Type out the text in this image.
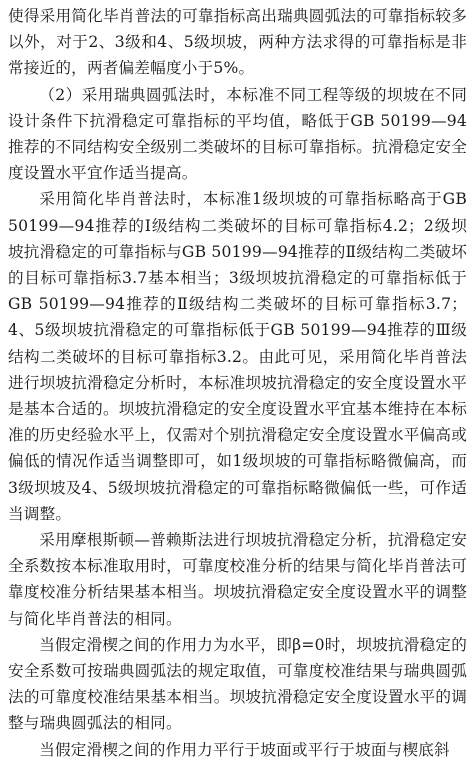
使得采用简化毕肖普法的可靠指标高出瑞典圆弧法的可靠指标较多以外，对于2、3级和4、5级坝坡，两种方法求得的可靠指标是非常接近的，两者偏差幅度小于5%。

（2）采用瑞典圆弧法时，本标准不同工程等级的坝坡在不同设计条件下抗滑稳定可靠指标的平均值，略低于GB 50199—94推荐的不同结构安全级别二类破坏的目标可靠指标。抗滑稳定安全度设置水平宜作适当提高。

采用简化毕肖普法时，本标准1级坝坡的可靠指标略高于GB 50199—94推荐的Ⅰ级结构二类破坏的目标可靠指标4.2；2级坝坡抗滑稳定的可靠指标与GB 50199—94推荐的Ⅱ级结构二类破坏的目标可靠指标3.7基本相当；3级坝坡抗滑稳定的可靠指标低于GB 50199—94推荐的Ⅱ级结构二类破坏的目标可靠指标3.7；4、5级坝坡抗滑稳定的可靠指标低于GB 50199—94推荐的Ⅲ级结构二类破坏的目标可靠指标3.2。由此可见，采用简化毕肖普法进行坝坡抗滑稳定分析时，本标准坝坡抗滑稳定的安全度设置水平是基本合适的。坝坡抗滑稳定的安全度设置水平宜基本维持在本标准的历史经验水平上，仅需对个别抗滑稳定安全度设置水平偏高或偏低的情况作适当调整即可，如1级坝坡的可靠指标略微偏高，而3级坝坡及4、5级坝坡抗滑稳定的可靠指标略微偏低一些，可作适当调整。

采用摩根斯顿—普赖斯法进行坝坡抗滑稳定分析，抗滑稳定安全系数按本标准取用时，可靠度校准分析的结果与简化毕肖普法可靠度校准分析结果基本相当。坝坡抗滑稳定安全度设置水平的调整与简化毕肖普法的相同。

当假定滑楔之间的作用力为水平，即β=0时，坝坡抗滑稳定的安全系数可按瑞典圆弧法的规定取值，可靠度校准结果与瑞典圆弧法的可靠度校准结果基本相当。坝坡抗滑稳定安全度设置水平的调整与瑞典圆弧法的相同。

当假定滑楔之间的作用力平行于坡面或平行于坡面与楔底斜
